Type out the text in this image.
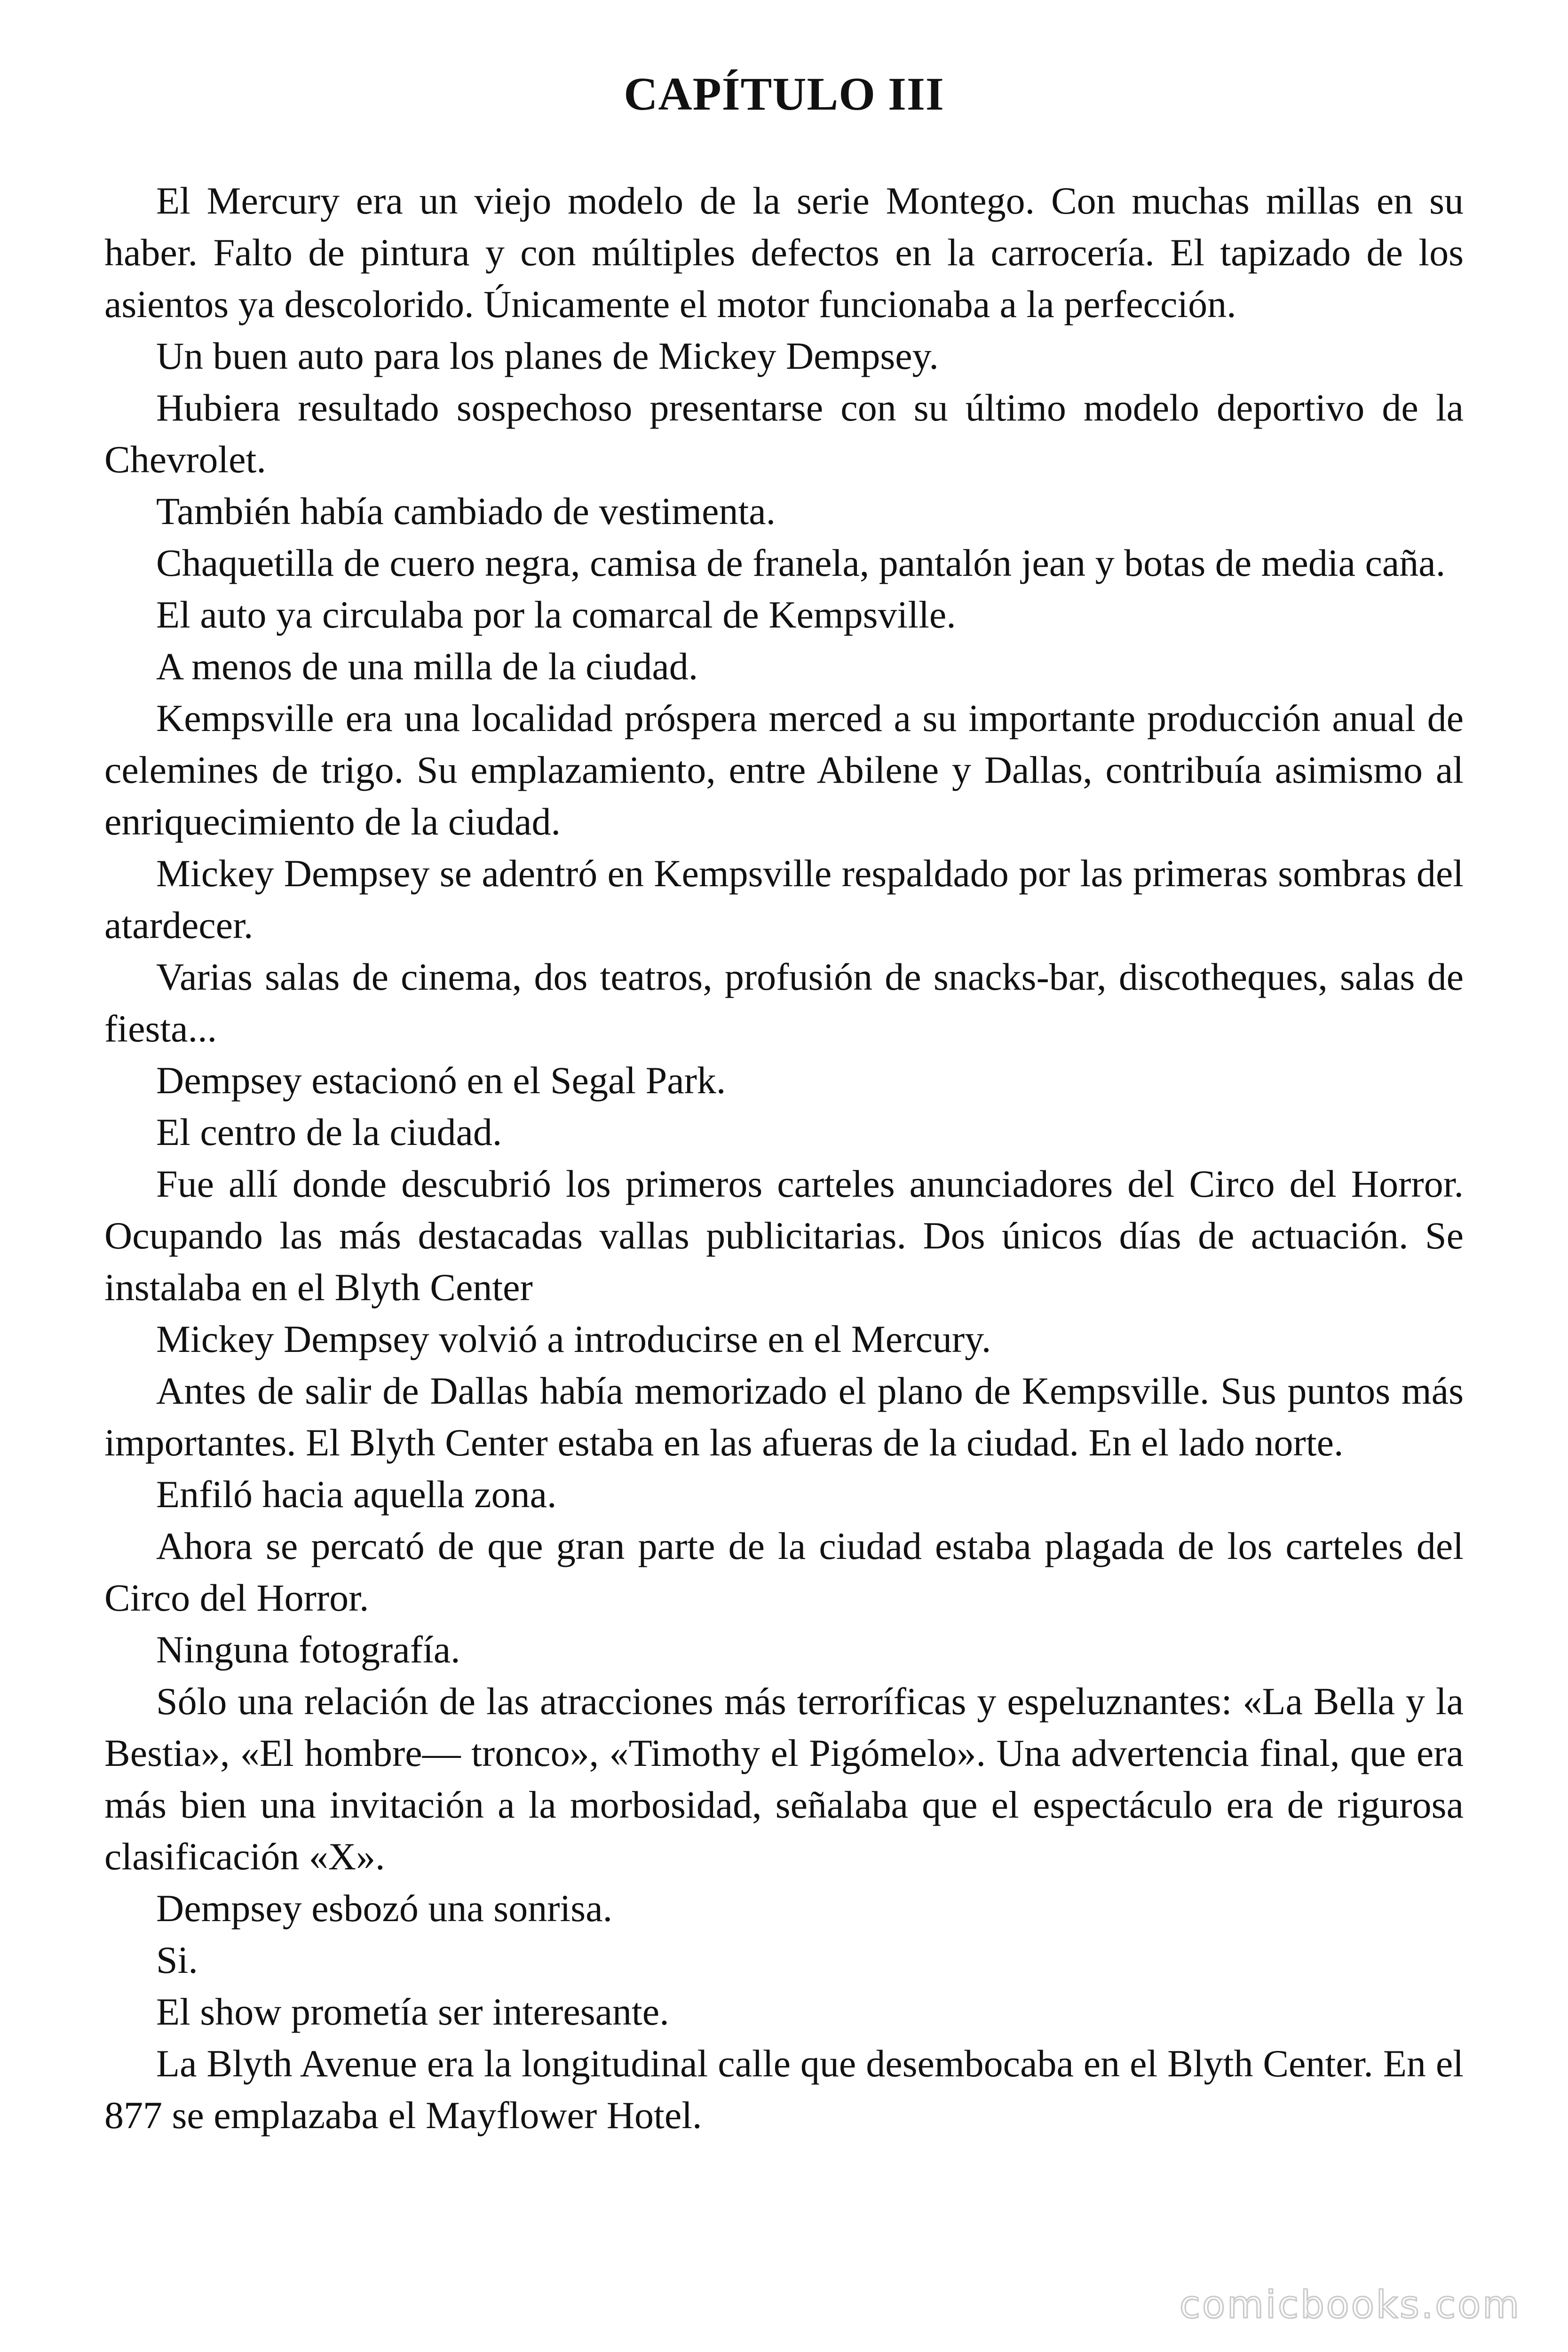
CAPÍTULO III

El Mercury era un viejo modelo de la serie Montego. Con muchas millas en su haber. Falto de pintura y con múltiples defectos en la carrocería. El tapizado de los asientos ya descolorido. Únicamente el motor funcionaba a la perfección.

Un buen auto para los planes de Mickey Dempsey.

Hubiera resultado sospechoso presentarse con su último modelo deportivo de la Chevrolet.

También había cambiado de vestimenta.

Chaquetilla de cuero negra, camisa de franela, pantalón jean y botas de media caña.

El auto ya circulaba por la comarcal de Kempsville.

A menos de una milla de la ciudad.

Kempsville era una localidad próspera merced a su importante producción anual de celemines de trigo. Su emplazamiento, entre Abilene y Dallas, contribuía asimismo al enriquecimiento de la ciudad.

Mickey Dempsey se adentró en Kempsville respaldado por las primeras sombras del atardecer.

Varias salas de cinema, dos teatros, profusión de snacks-bar, discotheques, salas de fiesta...

Dempsey estacionó en el Segal Park.

El centro de la ciudad.

Fue allí donde descubrió los primeros carteles anunciadores del Circo del Horror. Ocupando las más destacadas vallas publicitarias. Dos únicos días de actuación. Se instalaba en el Blyth Center

Mickey Dempsey volvió a introducirse en el Mercury.

Antes de salir de Dallas había memorizado el plano de Kempsville. Sus puntos más importantes. El Blyth Center estaba en las afueras de la ciudad. En el lado norte.

Enfiló hacia aquella zona.

Ahora se percató de que gran parte de la ciudad estaba plagada de los carteles del Circo del Horror.

Ninguna fotografía.

Sólo una relación de las atracciones más terroríficas y espeluznantes: «La Bella y la Bestia», «El hombre— tronco», «Timothy el Pigómelo». Una advertencia final, que era más bien una invitación a la morbosidad, señalaba que el espectáculo era de rigurosa clasificación «X».

Dempsey esbozó una sonrisa.

Si.

El show prometía ser interesante.

La Blyth Avenue era la longitudinal calle que desembocaba en el Blyth Center. En el 877 se emplazaba el Mayflower Hotel.

comicbooks.com
